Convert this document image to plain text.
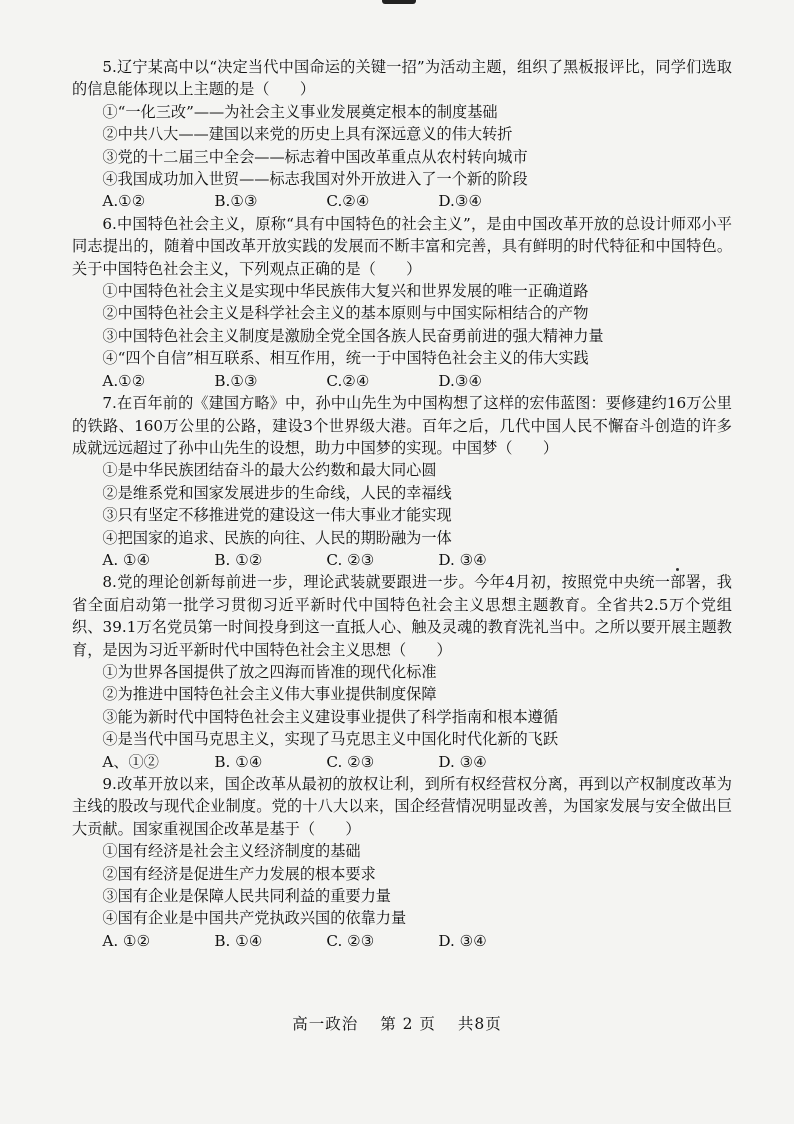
5.辽宁某高中以“决定当代中国命运的关键一招”为活动主题，组织了黑板报评比，同学们选取的信息能体现以上主题的是（　　）

①“一化三改”——为社会主义事业发展奠定根本的制度基础

②中共八大——建国以来党的历史上具有深远意义的伟大转折

③党的十二届三中全会——标志着中国改革重点从农村转向城市

④我国成功加入世贸——标志我国对外开放进入了一个新的阶段

A.①②	B.①③	C.②④	D.③④

6.中国特色社会主义，原称“具有中国特色的社会主义”，是由中国改革开放的总设计师邓小平同志提出的，随着中国改革开放实践的发展而不断丰富和完善，具有鲜明的时代特征和中国特色。关于中国特色社会主义，下列观点正确的是（　　）

①中国特色社会主义是实现中华民族伟大复兴和世界发展的唯一正确道路

②中国特色社会主义是科学社会主义的基本原则与中国实际相结合的产物

③中国特色社会主义制度是激励全党全国各族人民奋勇前进的强大精神力量

④“四个自信”相互联系、相互作用，统一于中国特色社会主义的伟大实践

A.①②	B.①③	C.②④	D.③④

7.在百年前的《建国方略》中，孙中山先生为中国构想了这样的宏伟蓝图：要修建约16万公里的铁路、160万公里的公路，建设3个世界级大港。百年之后，几代中国人民不懈奋斗创造的许多成就远远超过了孙中山先生的设想，助力中国梦的实现。中国梦（　　）

①是中华民族团结奋斗的最大公约数和最大同心圆

②是维系党和国家发展进步的生命线，人民的幸福线

③只有坚定不移推进党的建设这一伟大事业才能实现

④把国家的追求、民族的向往、人民的期盼融为一体

A. ①④	B. ①②	C. ②③	D. ③④

8.党的理论创新每前进一步，理论武装就要跟进一步。今年4月初，按照党中央统一部署，我省全面启动第一批学习贯彻习近平新时代中国特色社会主义思想主题教育。全省共2.5万个党组织、39.1万名党员第一时间投身到这一直抵人心、触及灵魂的教育洗礼当中。之所以要开展主题教育，是因为习近平新时代中国特色社会主义思想（　　）

①为世界各国提供了放之四海而皆准的现代化标准

②为推进中国特色社会主义伟大事业提供制度保障

③能为新时代中国特色社会主义建设事业提供了科学指南和根本遵循

④是当代中国马克思主义，实现了马克思主义中国化时代化新的飞跃

A、①②	B. ①④	C. ②③	D. ③④

9.改革开放以来，国企改革从最初的放权让利，到所有权经营权分离，再到以产权制度改革为主线的股改与现代企业制度。党的十八大以来，国企经营情况明显改善，为国家发展与安全做出巨大贡献。国家重视国企改革是基于（　　）

①国有经济是社会主义经济制度的基础

②国有经济是促进生产力发展的根本要求

③国有企业是保障人民共同利益的重要力量

④国有企业是中国共产党执政兴国的依靠力量

A. ①②	B. ①④	C. ②③	D. ③④
高一政治 第 2 页 共8页
